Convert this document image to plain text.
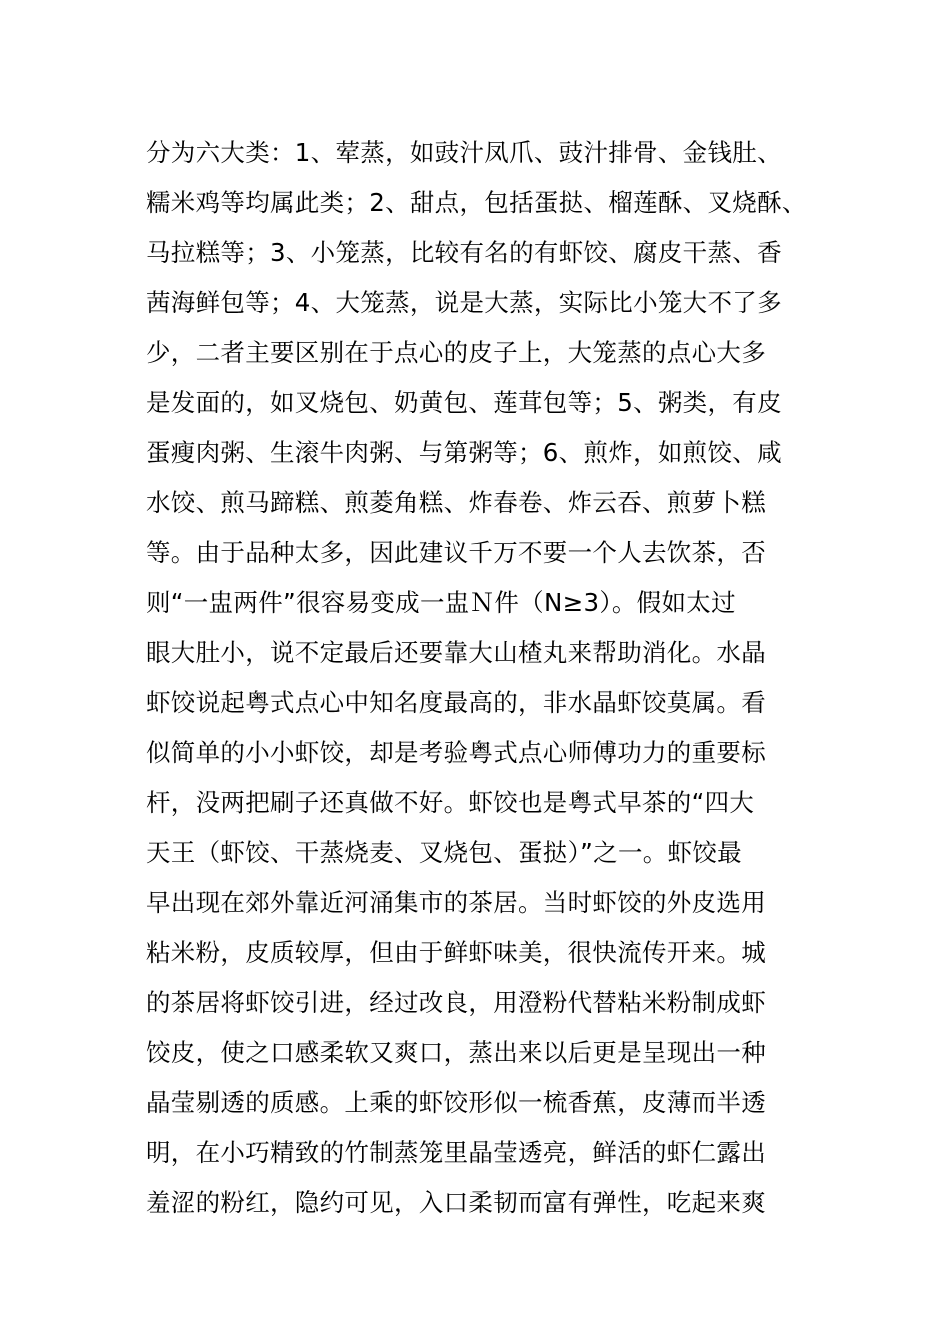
分为六大类：1、荤蒸，如豉汁凤爪、豉汁排骨、金钱肚、
糯米鸡等均属此类；2、甜点，包括蛋挞、榴莲酥、叉烧酥、
马拉糕等；3、小笼蒸，比较有名的有虾饺、腐皮干蒸、香
茜海鲜包等；4、大笼蒸，说是大蒸，实际比小笼大不了多
少，二者主要区别在于点心的皮子上，大笼蒸的点心大多
是发面的，如叉烧包、奶黄包、莲茸包等；5、粥类，有皮
蛋瘦肉粥、生滚牛肉粥、与第粥等；6、煎炸，如煎饺、咸
水饺、煎马蹄糕、煎菱角糕、炸春卷、炸云吞、煎萝卜糕
等。由于品种太多，因此建议千万不要一个人去饮茶，否
则“一盅两件”很容易变成一盅Ｎ件（N≥3）。假如太过
眼大肚小，说不定最后还要靠大山楂丸来帮助消化。水晶
虾饺说起粤式点心中知名度最高的，非水晶虾饺莫属。看
似简单的小小虾饺，却是考验粤式点心师傅功力的重要标
杆，没两把刷子还真做不好。虾饺也是粤式早茶的“四大
天王（虾饺、干蒸烧麦、叉烧包、蛋挞）”之一。虾饺最
早出现在郊外靠近河涌集市的茶居。当时虾饺的外皮选用
粘米粉，皮质较厚，但由于鲜虾味美，很快流传开来。城
的茶居将虾饺引进，经过改良，用澄粉代替粘米粉制成虾
饺皮，使之口感柔软又爽口，蒸出来以后更是呈现出一种
晶莹剔透的质感。上乘的虾饺形似一梳香蕉，皮薄而半透
明，在小巧精致的竹制蒸笼里晶莹透亮，鲜活的虾仁露出
羞涩的粉红，隐约可见，入口柔韧而富有弹性，吃起来爽
